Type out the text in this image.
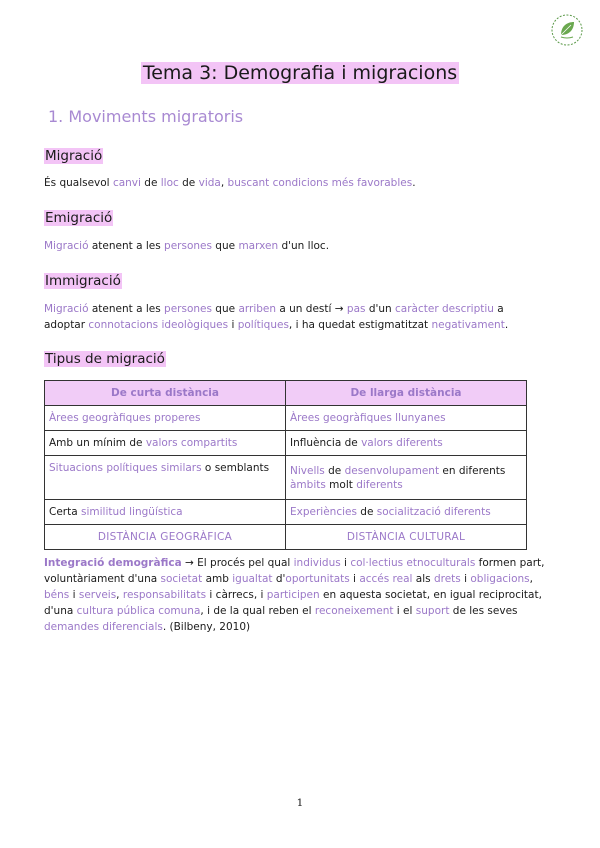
Tema 3: Demografia i migracions
1. Moviments migratoris
Migració
És qualsevol canvi de lloc de vida, buscant condicions més favorables.
Emigració
Migració atenent a les persones que marxen d'un lloc.
Immigració
Migració atenent a les persones que arriben a un destí → pas d'un caràcter descriptiu a adoptar connotacions ideològiques i polítiques, i ha quedat estigmatitzat negativament.
Tipus de migració
De curta distància	De llarga distància
Àrees geogràfiques properes	Àrees geogràfiques llunyanes
Amb un mínim de valors compartits	Influència de valors diferents
Situacions polítiques similars o semblants	Nivells de desenvolupament en diferents àmbits molt diferents
Certa similitud lingüística	Experiències de socialització diferents
DISTÀNCIA GEOGRÀFICA	DISTÀNCIA CULTURAL
Integració demogràfica → El procés pel qual individus i col·lectius etnoculturals formen part, voluntàriament d'una societat amb igualtat d'oportunitats i accés real als drets i obligacions, béns i serveis, responsabilitats i càrrecs, i participen en aquesta societat, en igual reciprocitat, d'una cultura pública comuna, i de la qual reben el reconeixement i el suport de les seves demandes diferencials. (Bilbeny, 2010)
1
